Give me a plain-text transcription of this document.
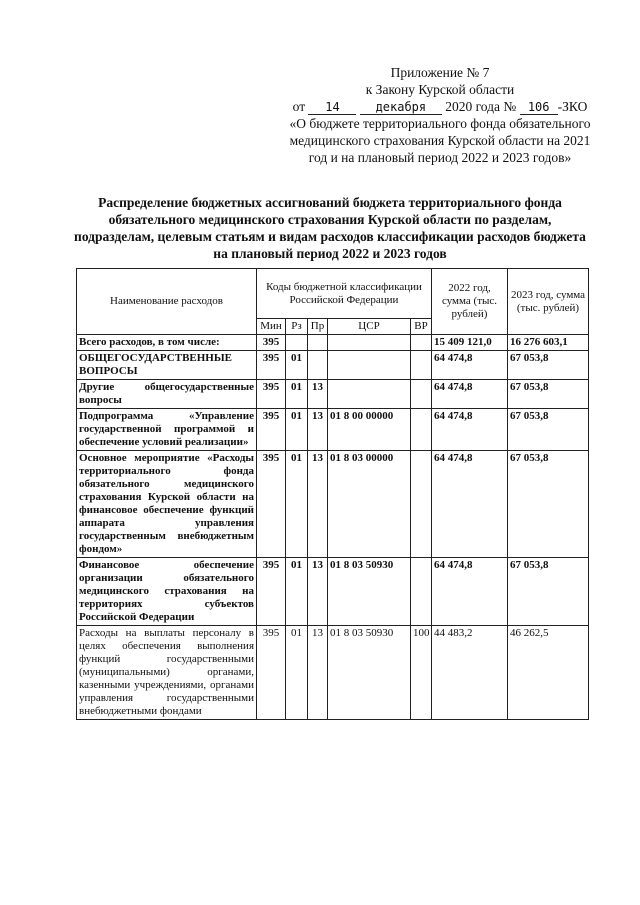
Приложение № 7
к Закону Курской области
от 14	декабря 2020 года № 106 -ЗКО
«О бюджете территориального фонда обязательного медицинского страхования Курской области на 2021 год и на плановый период 2022 и 2023 годов»
Распределение бюджетных ассигнований бюджета территориального фонда обязательного медицинского страхования Курской области по разделам, подразделам, целевым статьям и видам расходов классификации расходов бюджета на плановый период 2022 и 2023 годов
Наименование расходов	Коды бюджетной классификации Российской Федерации					2022 год, сумма (тыс. рублей)	2023 год, сумма (тыс. рублей)
	Мин	Рз	Пр	ЦСР	ВР		
Всего расходов, в том числе:	395					15 409 121,0	16 276 603,1
ОБЩЕГОСУДАРСТВЕННЫЕ ВОПРОСЫ	395	01				64 474,8	67 053,8
Другие общегосударственные вопросы	395	01	13			64 474,8	67 053,8
Подпрограмма «Управление государственной программой и обеспечение условий реализации»	395	01	13	01 8 00 00000		64 474,8	67 053,8
Основное мероприятие «Расходы территориального фонда обязательного медицинского страхования Курской области на финансовое обеспечение функций аппарата управления государственным внебюджетным фондом»	395	01	13	01 8 03 00000		64 474,8	67 053,8
Финансовое обеспечение организации обязательного медицинского страхования на территориях субъектов Российской Федерации	395	01	13	01 8 03 50930		64 474,8	67 053,8
Расходы на выплаты персоналу в целях обеспечения выполнения функций государственными (муниципальными) органами, казенными учреждениями, органами управления государственными внебюджетными фондами	395	01	13	01 8 03 50930	100	44 483,2	46 262,5
